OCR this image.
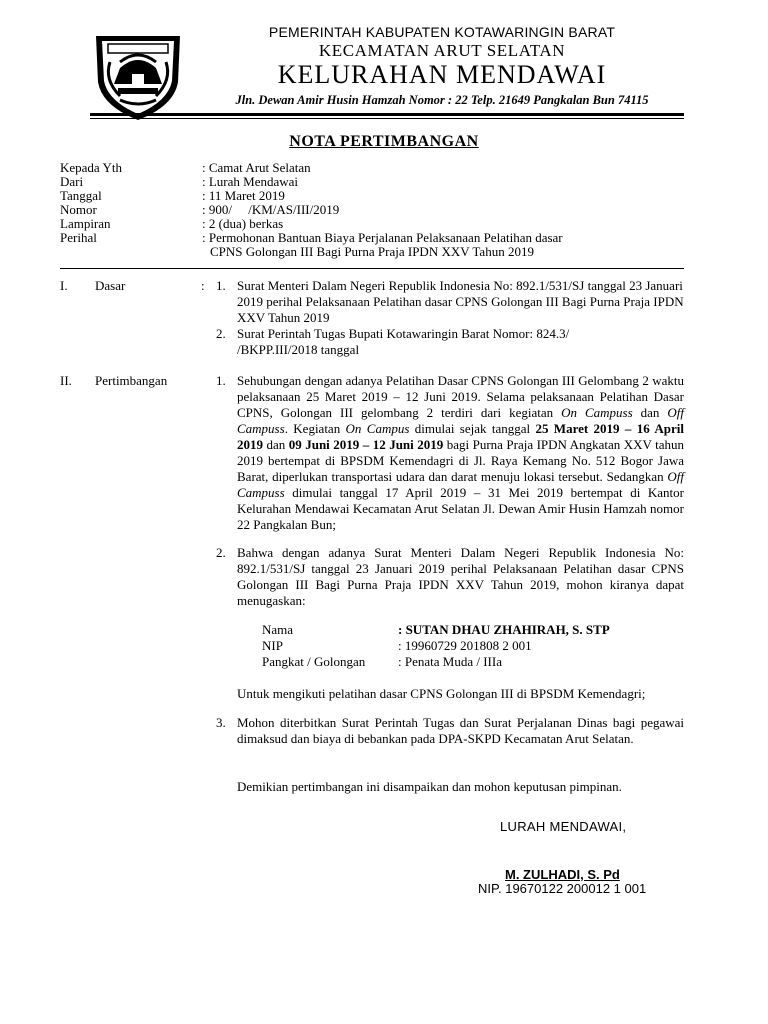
PEMERINTAH KABUPATEN KOTAWARINGIN BARAT
KECAMATAN ARUT SELATAN
KELURAHAN MENDAWAI
Jln. Dewan Amir Husin Hamzah Nomor : 22 Telp. 21649 Pangkalan Bun 74115
NOTA PERTIMBANGAN
Kepada Yth	: Camat Arut Selatan
Dari	: Lurah Mendawai
Tanggal	: 11 Maret 2019
Nomor	: 900/     /KM/AS/III/2019
Lampiran	: 2 (dua) berkas
Perihal	: Permohonan Bantuan Biaya Perjalanan Pelaksanaan Pelatihan dasar
CPNS Golongan III Bagi Purna Praja IPDN XXV Tahun 2019
I. Dasar	: 1. Surat Menteri Dalam Negeri Republik Indonesia No: 892.1/531/SJ tanggal 23 Januari 2019 perihal Pelaksanaan Pelatihan dasar CPNS Golongan III Bagi Purna Praja IPDN XXV Tahun 2019
2. Surat Perintah Tugas Bupati Kotawaringin Barat Nomor: 824.3/ /BKPP.III/2018 tanggal
II. Pertimbangan	1. Sehubungan dengan adanya Pelatihan Dasar CPNS Golongan III Gelombang 2 waktu pelaksanaan 25 Maret 2019 – 12 Juni 2019. Selama pelaksanaan Pelatihan Dasar CPNS, Golongan III gelombang 2 terdiri dari kegiatan On Campuss dan Off Campuss. Kegiatan On Campus dimulai sejak tanggal 25 Maret 2019 – 16 April 2019 dan 09 Juni 2019 – 12 Juni 2019 bagi Purna Praja IPDN Angkatan XXV tahun 2019 bertempat di BPSDM Kemendagri di Jl. Raya Kemang No. 512 Bogor Jawa Barat, diperlukan transportasi udara dan darat menuju lokasi tersebut. Sedangkan Off Campuss dimulai tanggal 17 April 2019 – 31 Mei 2019 bertempat di Kantor Kelurahan Mendawai Kecamatan Arut Selatan Jl. Dewan Amir Husin Hamzah nomor 22 Pangkalan Bun;
2. Bahwa dengan adanya Surat Menteri Dalam Negeri Republik Indonesia No: 892.1/531/SJ tanggal 23 Januari 2019 perihal Pelaksanaan Pelatihan dasar CPNS Golongan III Bagi Purna Praja IPDN XXV Tahun 2019, mohon kiranya dapat menugaskan:
Nama	: SUTAN DHAU ZHAHIRAH, S. STP
NIP	: 19960729 201808 2 001
Pangkat / Golongan	: Penata Muda / IIIa
Untuk mengikuti pelatihan dasar CPNS Golongan III di BPSDM Kemendagri;
3. Mohon diterbitkan Surat Perintah Tugas dan Surat Perjalanan Dinas bagi pegawai dimaksud dan biaya di bebankan pada DPA-SKPD Kecamatan Arut Selatan.
Demikian pertimbangan ini disampaikan dan mohon keputusan pimpinan.
LURAH MENDAWAI,
M. ZULHADI, S. Pd
NIP. 19670122 200012 1 001
